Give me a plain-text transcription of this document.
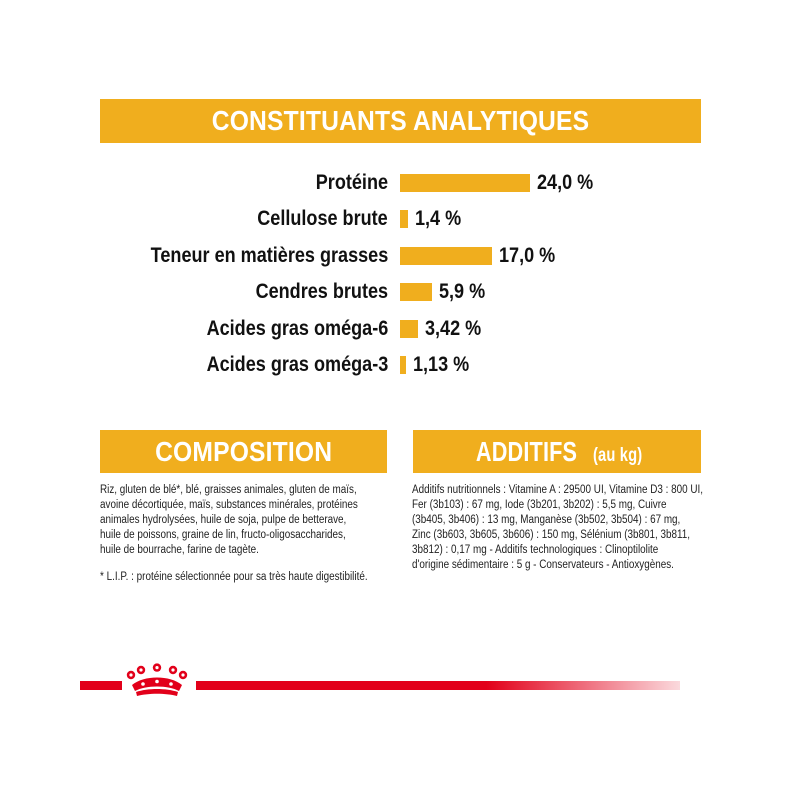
CONSTITUANTS ANALYTIQUES
Protéine	24,0 %
Cellulose brute 1,4 %
Teneur en matières grasses	17,0 %
Cendres brutes 5,9 %
Acides gras oméga-6 3,42 %
Acides gras oméga-3 1,13 %
COMPOSITION
Riz, gluten de blé*, blé, graisses animales, gluten de maïs,
avoine décortiquée, maïs, substances minérales, protéines
animales hydrolysées, huile de soja, pulpe de betterave,
huile de poissons, graine de lin, fructo-oligosaccharides,
huile de bourrache, farine de tagète.
* L.I.P. : protéine sélectionnée pour sa très haute digestibilité.
ADDITIFS (au kg)
Additifs nutritionnels : Vitamine A : 29500 UI, Vitamine D3 : 800 UI,
Fer (3b103) : 67 mg, Iode (3b201, 3b202) : 5,5 mg, Cuivre
(3b405, 3b406) : 13 mg, Manganèse (3b502, 3b504) : 67 mg,
Zinc (3b603, 3b605, 3b606) : 150 mg, Sélénium (3b801, 3b811,
3b812) : 0,17 mg - Additifs technologiques : Clinoptilolite
d'origine sédimentaire : 5 g - Conservateurs - Antioxygènes.
